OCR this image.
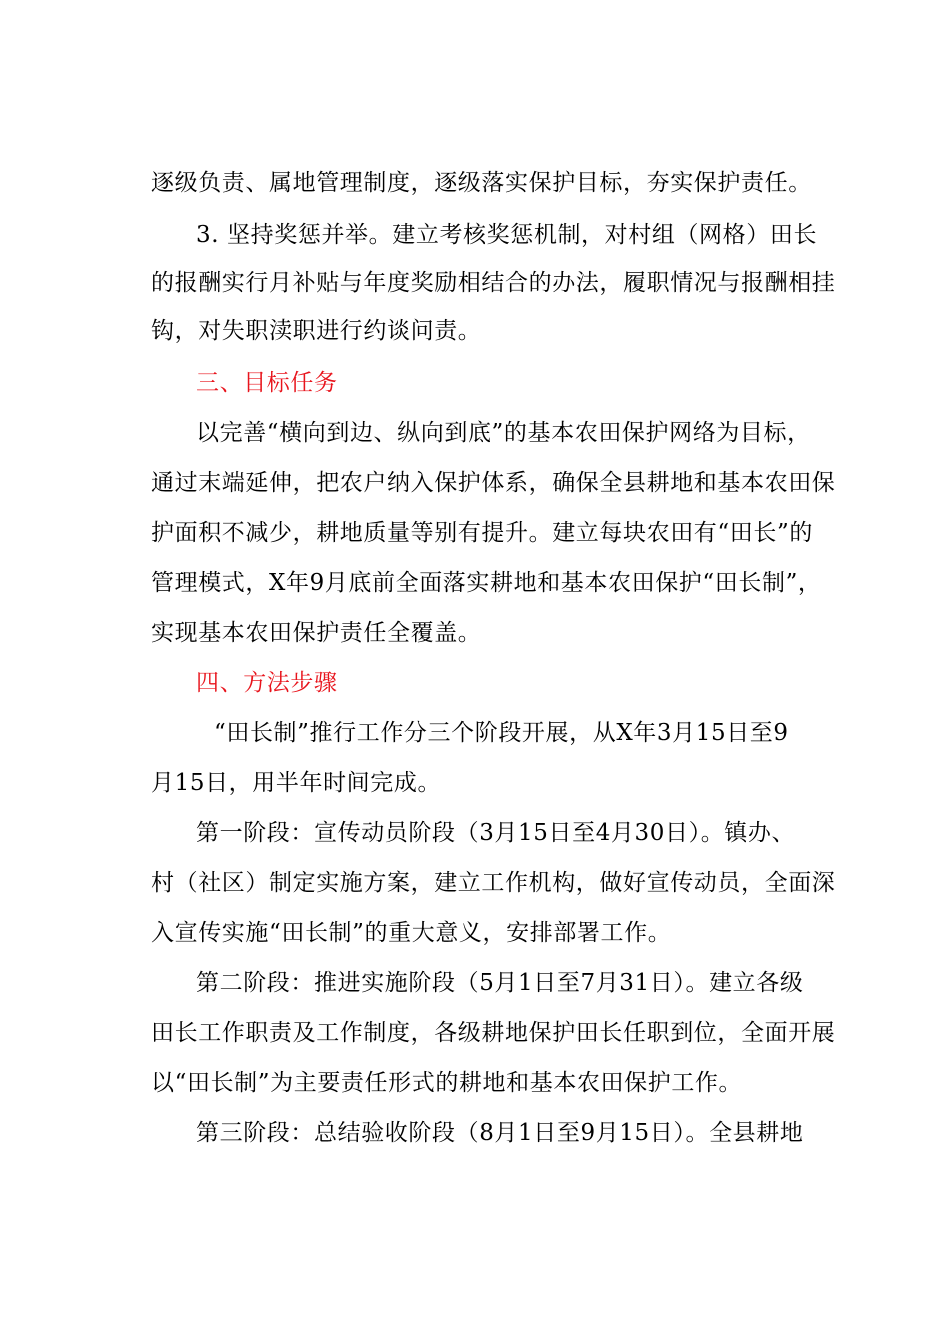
逐级负责、属地管理制度，逐级落实保护目标，夯实保护责任。
3. 坚持奖惩并举。建立考核奖惩机制，对村组（网格）田长
的报酬实行月补贴与年度奖励相结合的办法，履职情况与报酬相挂
钩，对失职渎职进行约谈问责。
三、目标任务
以完善“横向到边、纵向到底”的基本农田保护网络为目标，
通过末端延伸，把农户纳入保护体系，确保全县耕地和基本农田保
护面积不减少，耕地质量等别有提升。建立每块农田有“田长”的
管理模式，X年9月底前全面落实耕地和基本农田保护“田长制”，
实现基本农田保护责任全覆盖。
四、方法步骤
“田长制”推行工作分三个阶段开展，从X年3月15日至9
月15日，用半年时间完成。
第一阶段：宣传动员阶段（3月15日至4月30日）。镇办、
村（社区）制定实施方案，建立工作机构，做好宣传动员，全面深
入宣传实施“田长制”的重大意义，安排部署工作。
第二阶段：推进实施阶段（5月1日至7月31日）。建立各级
田长工作职责及工作制度，各级耕地保护田长任职到位，全面开展
以“田长制”为主要责任形式的耕地和基本农田保护工作。
第三阶段：总结验收阶段（8月1日至9月15日）。全县耕地
